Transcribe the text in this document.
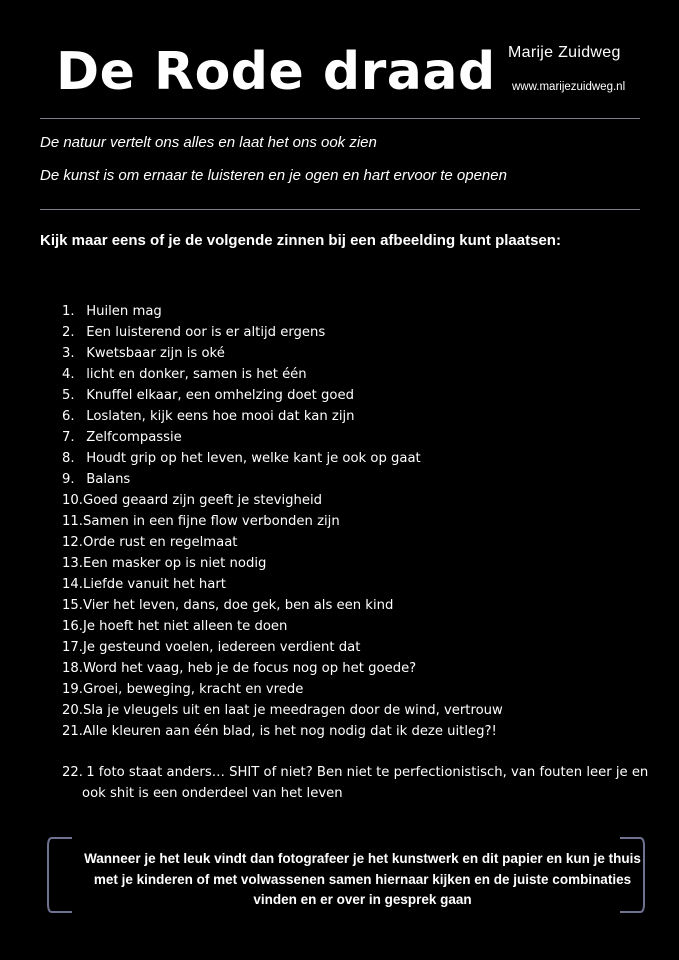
De Rode draad Marije Zuidweg
www.marijezuidweg.nl
De natuur vertelt ons alles en laat het ons ook zien
De kunst is om ernaar te luisteren en je ogen en hart ervoor te openen
Kijk maar eens of je de volgende zinnen bij een afbeelding kunt plaatsen:
1. Huilen mag
2. Een luisterend oor is er altijd ergens
3. Kwetsbaar zijn is oké
4. licht en donker, samen is het één
5. Knuffel elkaar, een omhelzing doet goed
6. Loslaten, kijk eens hoe mooi dat kan zijn
7. Zelfcompassie
8. Houdt grip op het leven, welke kant je ook op gaat
9. Balans
10.Goed geaard zijn geeft je stevigheid
11.Samen in een fijne flow verbonden zijn
12.Orde rust en regelmaat
13.Een masker op is niet nodig
14.Liefde vanuit het hart
15.Vier het leven, dans, doe gek, ben als een kind
16.Je hoeft het niet alleen te doen
17.Je gesteund voelen, iedereen verdient dat
18.Word het vaag, heb je de focus nog op het goede?
19.Groei, beweging, kracht en vrede
20.Sla je vleugels uit en laat je meedragen door de wind, vertrouw
21.Alle kleuren aan één blad, is het nog nodig dat ik deze uitleg?!
22. 1 foto staat anders… SHIT of niet? Ben niet te perfectionistisch, van fouten leer je en
ook shit is een onderdeel van het leven

Wanneer je het leuk vindt dan fotografeer je het kunstwerk en dit papier en kun je thuis met je kinderen of met volwassenen samen hiernaar kijken en de juiste combinaties vinden en er over in gesprek gaan
